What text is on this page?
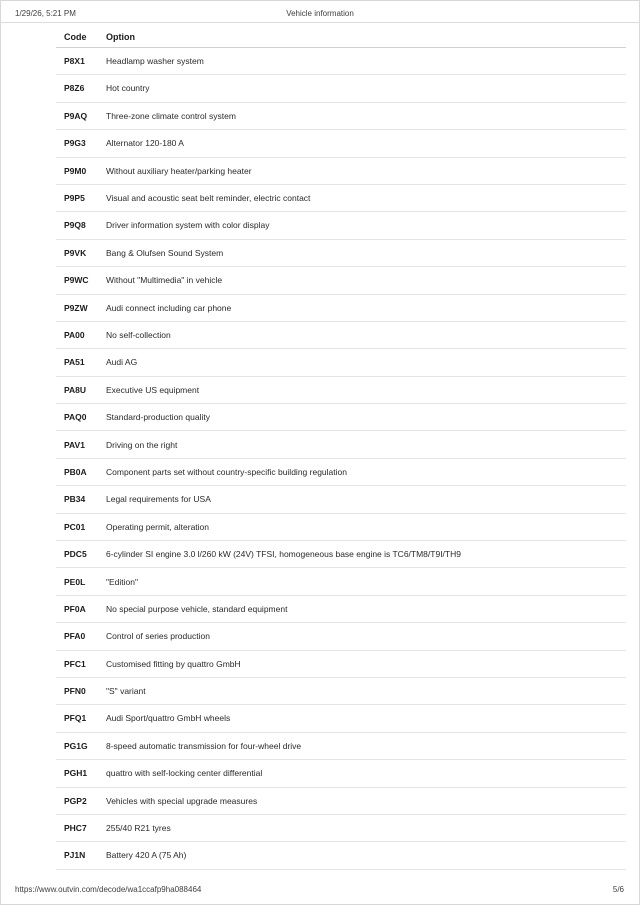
1/29/26, 5:21 PM	Vehicle information
Code	Option
P8X1	Headlamp washer system
P8Z6	Hot country
P9AQ	Three-zone climate control system
P9G3	Alternator 120-180 A
P9M0	Without auxiliary heater/parking heater
P9P5	Visual and acoustic seat belt reminder, electric contact
P9Q8	Driver information system with color display
P9VK	Bang & Olufsen Sound System
P9WC	Without "Multimedia" in vehicle
P9ZW	Audi connect including car phone
PA00	No self-collection
PA51	Audi AG
PA8U	Executive US equipment
PAQ0	Standard-production quality
PAV1	Driving on the right
PB0A	Component parts set without country-specific building regulation
PB34	Legal requirements for USA
PC01	Operating permit, alteration
PDC5	6-cylinder SI engine 3.0 l/260 kW (24V) TFSI, homogeneous base engine is TC6/TM8/T9I/TH9
PE0L	"Edition"
PF0A	No special purpose vehicle, standard equipment
PFA0	Control of series production
PFC1	Customised fitting by quattro GmbH
PFN0	"S" variant
PFQ1	Audi Sport/quattro GmbH wheels
PG1G	8-speed automatic transmission for four-wheel drive
PGH1	quattro with self-locking center differential
PGP2	Vehicles with special upgrade measures
PHC7	255/40 R21 tyres
PJ1N	Battery 420 A (75 Ah)
https://www.outvin.com/decode/wa1ccafp9ha088464	5/6
